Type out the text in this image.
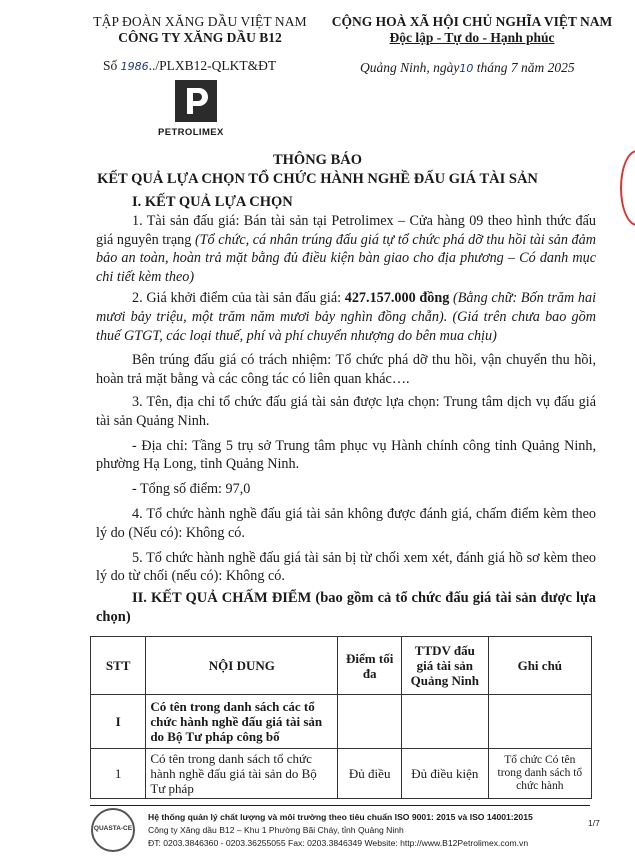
TẬP ĐOÀN XĂNG DẦU VIỆT NAM
CÔNG TY XĂNG DẦU B12
Số 1986../PLXB12-QLKT&ĐT
CỘNG HOÀ XÃ HỘI CHỦ NGHĨA VIỆT NAM
Độc lập - Tự do - Hạnh phúc
Quảng Ninh, ngày10 tháng 7 năm 2025
PETROLIMEX
THÔNG BÁO
KẾT QUẢ LỰA CHỌN TỔ CHỨC HÀNH NGHỀ ĐẤU GIÁ TÀI SẢN

I. KẾT QUẢ LỰA CHỌN

1. Tài sản đấu giá: Bán tài sản tại Petrolimex – Cửa hàng 09 theo hình thức đấu giá nguyên trạng (Tổ chức, cá nhân trúng đấu giá tự tổ chức phá dỡ thu hồi tài sản đảm bảo an toàn, hoàn trả mặt bằng đủ điều kiện bàn giao cho địa phương – Có danh mục chi tiết kèm theo)

2. Giá khởi điểm của tài sản đấu giá: 427.157.000 đồng (Bằng chữ: Bốn trăm hai mươi bảy triệu, một trăm năm mươi bảy nghìn đồng chẵn). (Giá trên chưa bao gồm thuế GTGT, các loại thuế, phí và phí chuyển nhượng do bên mua chịu)

Bên trúng đấu giá có trách nhiệm: Tổ chức phá dỡ thu hồi, vận chuyển thu hồi, hoàn trả mặt bằng và các công tác có liên quan khác….

3. Tên, địa chỉ tổ chức đấu giá tài sản được lựa chọn: Trung tâm dịch vụ đấu giá tài sản Quảng Ninh.

- Địa chỉ: Tầng 5 trụ sở Trung tâm phục vụ Hành chính công tỉnh Quảng Ninh, phường Hạ Long, tỉnh Quảng Ninh.

- Tổng số điểm: 97,0

4. Tổ chức hành nghề đấu giá tài sản không được đánh giá, chấm điểm kèm theo lý do (Nếu có): Không có.

5. Tổ chức hành nghề đấu giá tài sản bị từ chối xem xét, đánh giá hồ sơ kèm theo lý do từ chối (nếu có): Không có.

II. KẾT QUẢ CHẤM ĐIỂM (bao gồm cả tổ chức đấu giá tài sản được lựa chọn)

STT	NỘI DUNG	Điểm tối đa	TTDV đấu giá tài sản Quảng Ninh	Ghi chú
I	Có tên trong danh sách các tổ chức hành nghề đấu giá tài sản do Bộ Tư pháp công bố			
1	Có tên trong danh sách tổ chức hành nghề đấu giá tài sản do Bộ Tư pháp	Đủ điều	Đủ điều kiện	Tổ chức Có tên trong danh sách tổ chức hành
QUASTA-CE
Hệ thống quản lý chất lượng và môi trường theo tiêu chuẩn ISO 9001: 2015 và ISO 14001:2015
Công ty Xăng dầu B12 – Khu 1 Phường Bãi Cháy, tỉnh Quảng Ninh
ĐT: 0203.3846360 - 0203.36255055 Fax: 0203.3846349 Website: http://www.B12Petrolimex.com.vn
1/7
